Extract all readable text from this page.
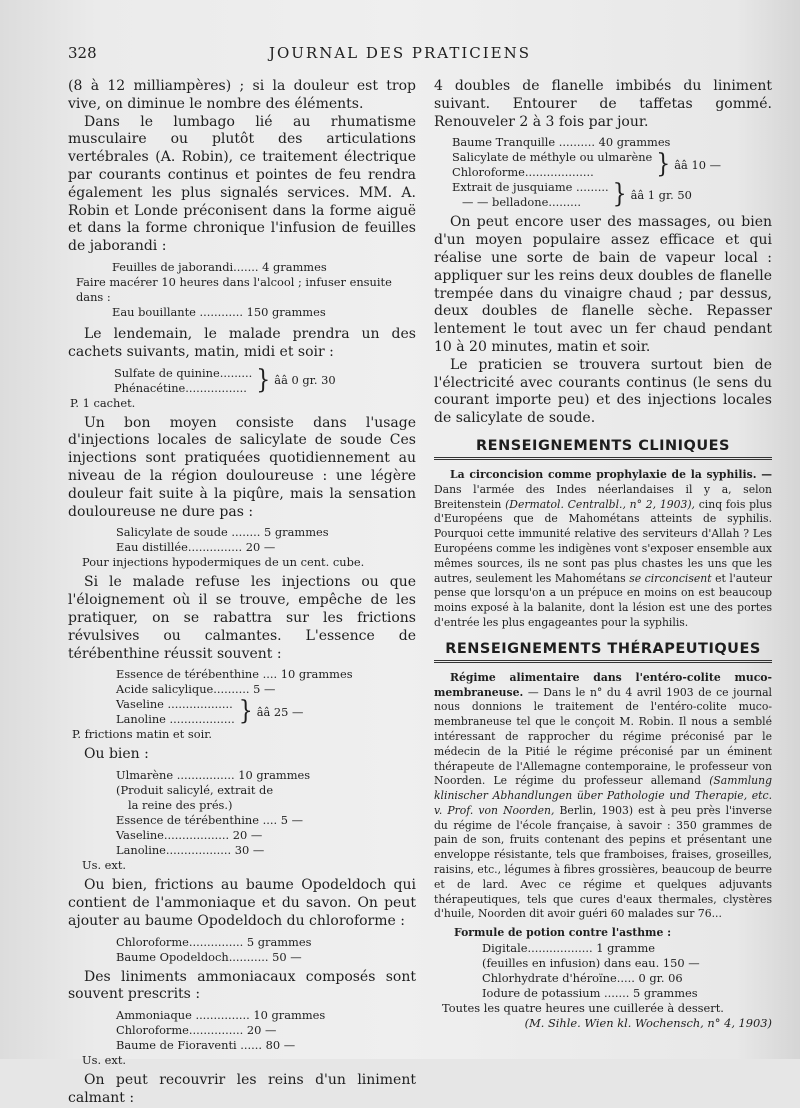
328	JOURNAL DES PRATICIENS

(8 à 12 milliampères) ; si la douleur est trop vive, on diminue le nombre des éléments.

Dans le lumbago lié au rhumatisme musculaire ou plutôt des articulations vertébrales (A. Robin), ce traitement électrique par courants continus et pointes de feu rendra également les plus signalés services. MM. A. Robin et Londe préconisent dans la forme aiguë et dans la forme chronique l'infusion de feuilles de jaborandi :

Feuilles de jaborandi....... 4 grammes
Faire macérer 10 heures dans l'alcool ; infuser ensuite dans :
Eau bouillante ............ 150 grammes

Le lendemain, le malade prendra un des cachets suivants, matin, midi et soir :

Sulfate de quinine.........
Phénacétine................. } ââ 0 gr. 30
P. 1 cachet.

Un bon moyen consiste dans l'usage d'injections locales de salicylate de soude Ces injections sont pratiquées quotidiennement au niveau de la région douloureuse : une légère douleur fait suite à la piqûre, mais la sensation douloureuse ne dure pas :

Salicylate de soude ........ 5 grammes
Eau distillée............... 20 —
Pour injections hypodermiques de un cent. cube.

Si le malade refuse les injections ou que l'éloignement où il se trouve, empêche de les pratiquer, on se rabattra sur les frictions révulsives ou calmantes. L'essence de térébenthine réussit souvent :

Essence de térébenthine .... 10 grammes
Acide salicylique.......... 5 —
Vaseline ..................
Lanoline .................. } ââ 25 —
P. frictions matin et soir.

Ou bien :

Ulmarène ................ 10 grammes
(Produit salicylé, extrait de
la reine des prés.)
Essence de térébenthine .... 5 —
Vaseline.................. 20 —
Lanoline.................. 30 —
Us. ext.

Ou bien, frictions au baume Opodeldoch qui contient de l'ammoniaque et du savon. On peut ajouter au baume Opodeldoch du chloroforme :

Chloroforme............... 5 grammes
Baume Opodeldoch........... 50 —

Des liniments ammoniacaux composés sont souvent prescrits :

Ammoniaque ............... 10 grammes
Chloroforme............... 20 —
Baume de Fioraventi ...... 80 —
Us. ext.

On peut recouvrir les reins d'un liniment calmant :

4 doubles de flanelle imbibés du liniment suivant. Entourer de taffetas gommé. Renouveler 2 à 3 fois par jour.

Baume Tranquille .......... 40 grammes
Salicylate de méthyle ou ulmarène
Chloroforme...................	} ââ 10 —
Extrait de jusquiame .........
— — belladone.........	} ââ 1 gr. 50

On peut encore user des massages, ou bien d'un moyen populaire assez efficace et qui réalise une sorte de bain de vapeur local : appliquer sur les reins deux doubles de flanelle trempée dans du vinaigre chaud ; par dessus, deux doubles de flanelle sèche. Repasser lentement le tout avec un fer chaud pendant 10 à 20 minutes, matin et soir.

Le praticien se trouvera surtout bien de l'électricité avec courants continus (le sens du courant importe peu) et des injections locales de salicylate de soude.

RENSEIGNEMENTS CLINIQUES

La circoncision comme prophylaxie de la syphilis. — Dans l'armée des Indes néerlandaises il y a, selon Breitenstein (Dermatol. Centralbl., n° 2, 1903), cinq fois plus d'Européens que de Mahométans atteints de syphilis. Pourquoi cette immunité relative des serviteurs d'Allah ? Les Européens comme les indigènes vont s'exposer ensemble aux mêmes sources, ils ne sont pas plus chastes les uns que les autres, seulement les Mahométans se circoncisent et l'auteur pense que lorsqu'on a un prépuce en moins on est beaucoup moins exposé à la balanite, dont la lésion est une des portes d'entrée les plus engageantes pour la syphilis.

RENSEIGNEMENTS THÉRAPEUTIQUES

Régime alimentaire dans l'entéro-colite muco-membraneuse. — Dans le n° du 4 avril 1903 de ce journal nous donnions le traitement de l'entéro-colite muco-membraneuse tel que le conçoit M. Robin. Il nous a semblé intéressant de rapprocher du régime préconisé par le médecin de la Pitié le régime préconisé par un éminent thérapeute de l'Allemagne contemporaine, le professeur von Noorden. Le régime du professeur allemand (Sammlung klinischer Abhandlungen über Pathologie und Therapie, etc. v. Prof. von Noorden, Berlin, 1903) est à peu près l'inverse du régime de l'école française, à savoir : 350 grammes de pain de son, fruits contenant des pepins et présentant une enveloppe résistante, tels que framboises, fraises, groseilles, raisins, etc., légumes à fibres grossières, beaucoup de beurre et de lard. Avec ce régime et quelques adjuvants thérapeutiques, tels que cures d'eaux thermales, clystères d'huile, Noorden dit avoir guéri 60 malades sur 76...

Formule de potion contre l'asthme :

Digitale.................. 1 gramme
(feuilles en infusion) dans eau. 150 —
Chlorhydrate d'héroïne..... 0 gr. 06
Iodure de potassium ....... 5 grammes
Toutes les quatre heures une cuillerée à dessert.
(M. Sihle. Wien kl. Wochensch, n° 4, 1903)
